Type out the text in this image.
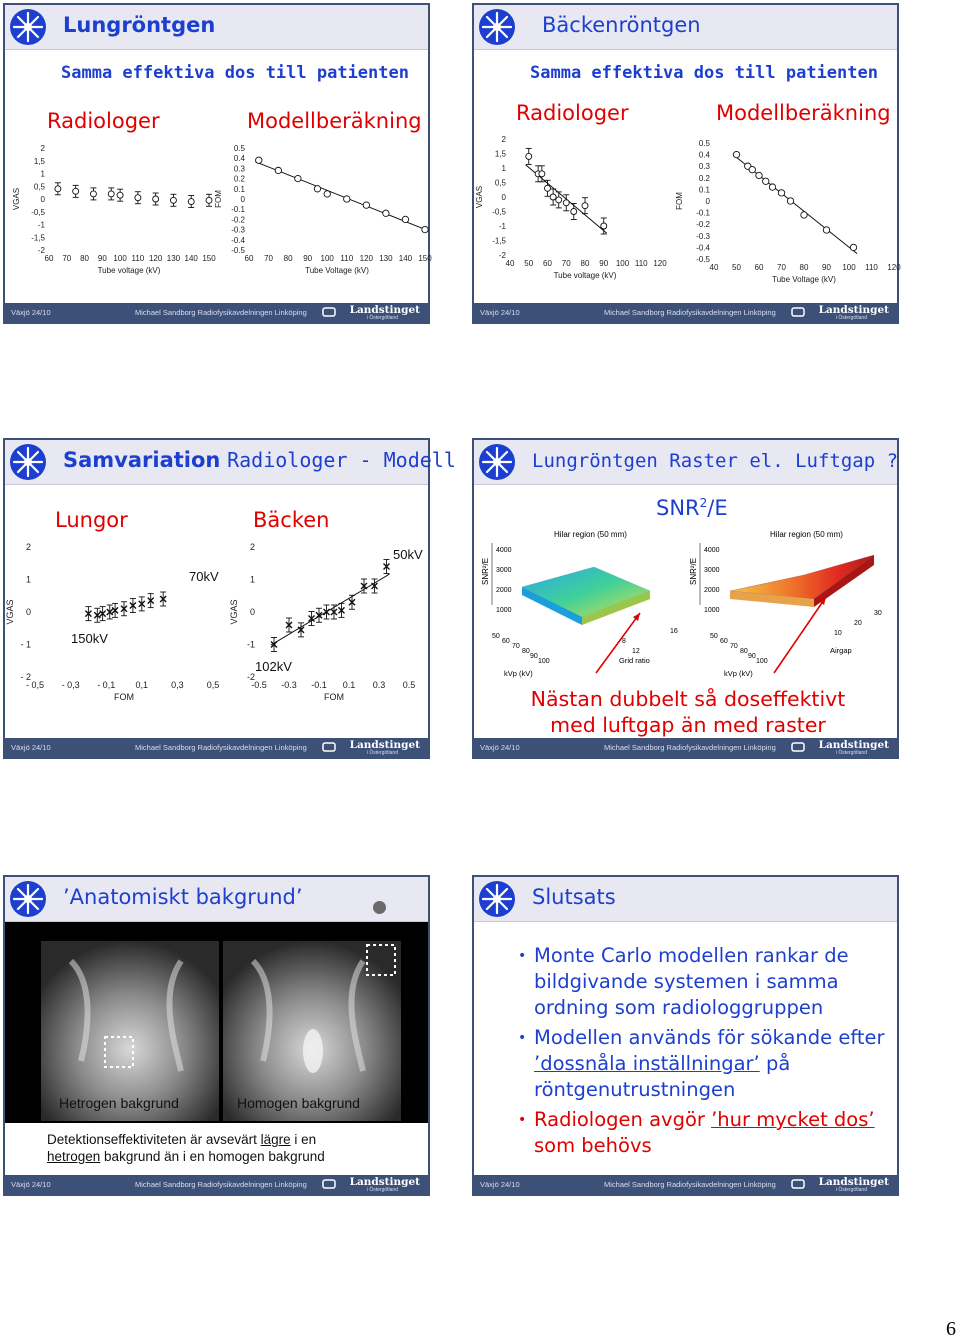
Lungröntgen
Samma effektiva dos till patienten
Radiologer	Modellberäkning
2
1,5
1
0,5
0
-0,5
-1
-1,5
-2
60 70 80 90 100 110 120 130 140 150
VGAS
Tube voltage (kV)
0.5
0.4
0.3
0.2
0.1
0
-0.1
-0.2
-0.3
-0.4
-0.5
60 70 80 90 100 110 120 130 140 150
FOM
Tube Voltage (kV)
Växjö 24/10	Michael Sandborg Radiofysikavdelningen Linköping	Landstinget
i Östergötland
Bäckenröntgen
Samma effektiva dos till patienten
Radiologer	Modellberäkning
2
1,5
1
0,5
0
-0,5
-1
-1,5
-2
40 50 60 70 80 90 100 110 120
VGAS
Tube voltage (kV)
0.5
0.4
0.3
0.2
0.1
0
-0.1
-0.2
-0.3
-0.4
-0.5
40 50 60 70 80 90 100 110 120
FOM
Tube Voltage (kV)
Växjö 24/10	Michael Sandborg Radiofysikavdelningen Linköping	Landstinget
i Östergötland
Samvariation Radiologer - Modell
Lungor	Bäcken
2
1
0
- 1
- 2
- 0,5 - 0,3 - 0,1 0,1	0,3	0,5
VGAS
FOM
2
1
0
-1
-2
-0.5 -0.3 -0.1 0.1 0.3 0.5
VGAS
FOM
70kV
150kV
50kV
102kV
Växjö 24/10	Michael Sandborg Radiofysikavdelningen Linköping	Landstinget
i Östergötland
Lungröntgen Raster el. Luftgap ?
SNR$^2$/E
Hilar region (50 mm)
SNR²/E
4000
3000
2000
1000
50
60
70
80
90
100
kVp (kV)
8
12
16
Grid ratio
Hilar region (50 mm)
SNR²/E
4000
3000
2000
1000
50
60
70
80
90
100
kVp (kV)
10
20
30
Airgap
Nästan dubbelt så doseffektivt
med luftgap än med raster
Växjö 24/10	Michael Sandborg Radiofysikavdelningen Linköping	Landstinget
i Östergötland
’Anatomiskt bakgrund’
Hetrogen bakgrund	Homogen bakgrund
Detektionseffektiviteten är avsevärt lägre i en
hetrogen bakgrund än i en homogen bakgrund
Växjö 24/10	Michael Sandborg Radiofysikavdelningen Linköping	Landstinget
i Östergötland
Slutsats
• Monte Carlo modellen rankar de bildgivande systemen i samma ordning som radiologgruppen
• Modellen används för sökande efter ’dossnåla inställningar’ på röntgenutrustningen
• Radiologen avgör ’hur mycket dos’ som behövs
Växjö 24/10	Michael Sandborg Radiofysikavdelningen Linköping	Landstinget
i Östergötland
6
